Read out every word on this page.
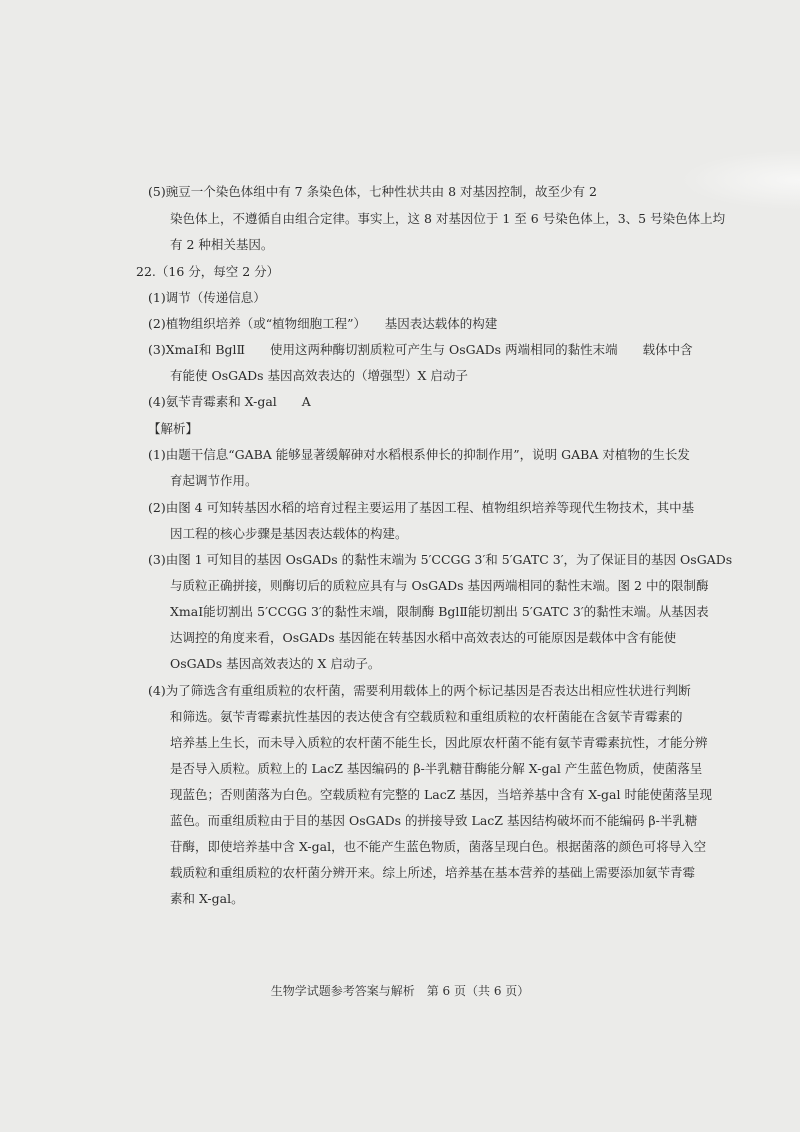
(5)豌豆一个染色体组中有 7 条染色体，七种性状共由 8 对基因控制，故至少有 2
染色体上，不遵循自由组合定律。事实上，这 8 对基因位于 1 至 6 号染色体上，3、5 号染色体上均
有 2 种相关基因。
22.（16 分，每空 2 分）
(1)调节（传递信息）
(2)植物组织培养（或“植物细胞工程”）　　基因表达载体的构建
(3)XmaⅠ和 BglⅡ　　使用这两种酶切割质粒可产生与 OsGADs 两端相同的黏性末端　　载体中含
有能使 OsGADs 基因高效表达的（增强型）X 启动子
(4)氨苄青霉素和 X-gal　　A
【解析】
(1)由题干信息“GABA 能够显著缓解砷对水稻根系伸长的抑制作用”，说明 GABA 对植物的生长发
育起调节作用。
(2)由图 4 可知转基因水稻的培育过程主要运用了基因工程、植物组织培养等现代生物技术，其中基
因工程的核心步骤是基因表达载体的构建。
(3)由图 1 可知目的基因 OsGADs 的黏性末端为 5′CCGG 3′和 5′GATC 3′，为了保证目的基因 OsGADs
与质粒正确拼接，则酶切后的质粒应具有与 OsGADs 基因两端相同的黏性末端。图 2 中的限制酶
XmaⅠ能切割出 5′CCGG 3′的黏性末端，限制酶 BglⅡ能切割出 5′GATC 3′的黏性末端。从基因表
达调控的角度来看，OsGADs 基因能在转基因水稻中高效表达的可能原因是载体中含有能使
OsGADs 基因高效表达的 X 启动子。
(4)为了筛选含有重组质粒的农杆菌，需要利用载体上的两个标记基因是否表达出相应性状进行判断
和筛选。氨苄青霉素抗性基因的表达使含有空载质粒和重组质粒的农杆菌能在含氨苄青霉素的
培养基上生长，而未导入质粒的农杆菌不能生长，因此原农杆菌不能有氨苄青霉素抗性，才能分辨
是否导入质粒。质粒上的 LacZ 基因编码的 β-半乳糖苷酶能分解 X-gal 产生蓝色物质，使菌落呈
现蓝色；否则菌落为白色。空载质粒有完整的 LacZ 基因，当培养基中含有 X-gal 时能使菌落呈现
蓝色。而重组质粒由于目的基因 OsGADs 的拼接导致 LacZ 基因结构破坏而不能编码 β-半乳糖
苷酶，即使培养基中含 X-gal，也不能产生蓝色物质，菌落呈现白色。根据菌落的颜色可将导入空
载质粒和重组质粒的农杆菌分辨开来。综上所述，培养基在基本营养的基础上需要添加氨苄青霉
素和 X-gal。
生物学试题参考答案与解析　第 6 页（共 6 页）
